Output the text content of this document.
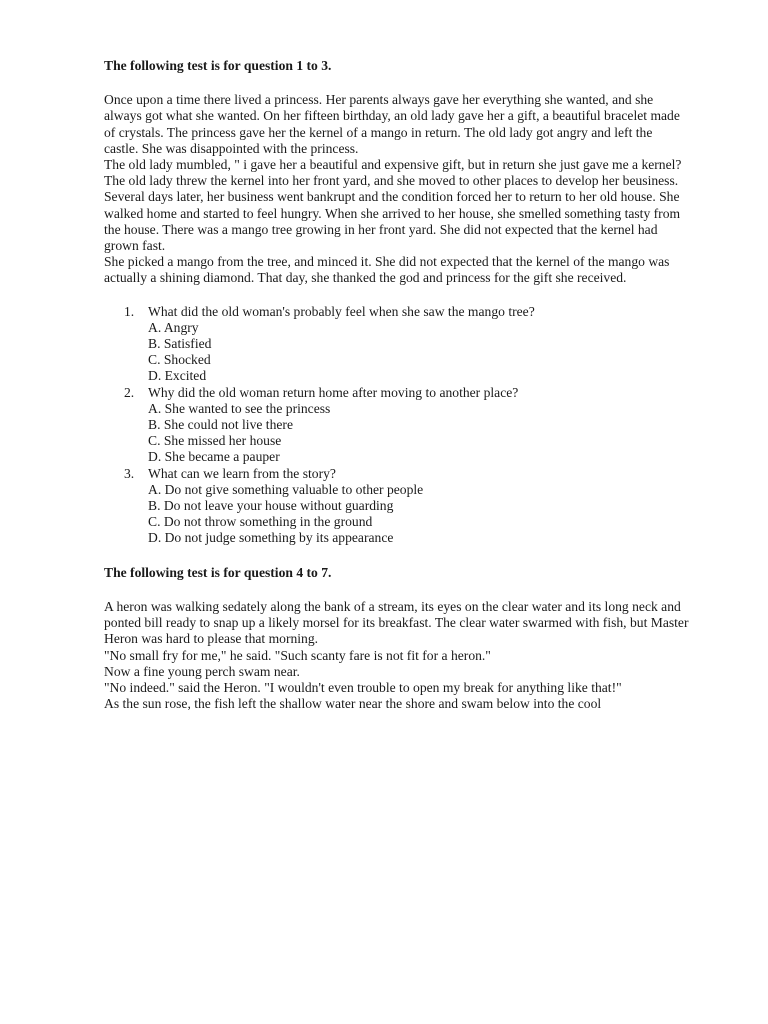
The following test is for question 1 to 3.

Once upon a time there lived a princess. Her parents always gave her everything she wanted, and she always got what she wanted. On her fifteen birthday, an old lady gave her a gift, a beautiful bracelet made of crystals. The princess gave her the kernel of a mango in return. The old lady got angry and left the castle. She was disappointed with the princess.

The old lady mumbled, " i gave her a beautiful and expensive gift, but in return she just gave me a kernel?

The old lady threw the kernel into her front yard, and she moved to other places to develop her beusiness.

Several days later, her business went bankrupt and the condition forced her to return to her old house. She walked home and started to feel hungry. When she arrived to her house, she smelled something tasty from the house. There was a mango tree growing in her front yard. She did not expected that the kernel had grown fast.

She picked a mango from the tree, and minced it. She did not expected that the kernel of the mango was actually a shining diamond. That day, she thanked the god and princess for the gift she received.

1.	What did the old woman's probably feel when she saw the mango tree?
A. Angry
B. Satisfied
C. Shocked
D. Excited
2.	Why did the old woman return home after moving to another place?
A. She wanted to see the princess
B. She could not live there
C. She missed her house
D. She became a pauper
3.	What can we learn from the story?
A. Do not give something valuable to other people
B. Do not leave your house without guarding
C. Do not throw something in the ground
D. Do not judge something by its appearance

The following test is for question 4 to 7.

A heron was walking sedately along the bank of a stream, its eyes on the clear water and its long neck and ponted bill ready to snap up a likely morsel for its breakfast. The clear water swarmed with fish, but Master Heron was hard to please that morning.

"No small fry for me," he said. "Such scanty fare is not fit for a heron."

Now a fine young perch swam near.

"No indeed." said the Heron. "I wouldn't even trouble to open my break for anything like that!"

As the sun rose, the fish left the shallow water near the shore and swam below into the cool
